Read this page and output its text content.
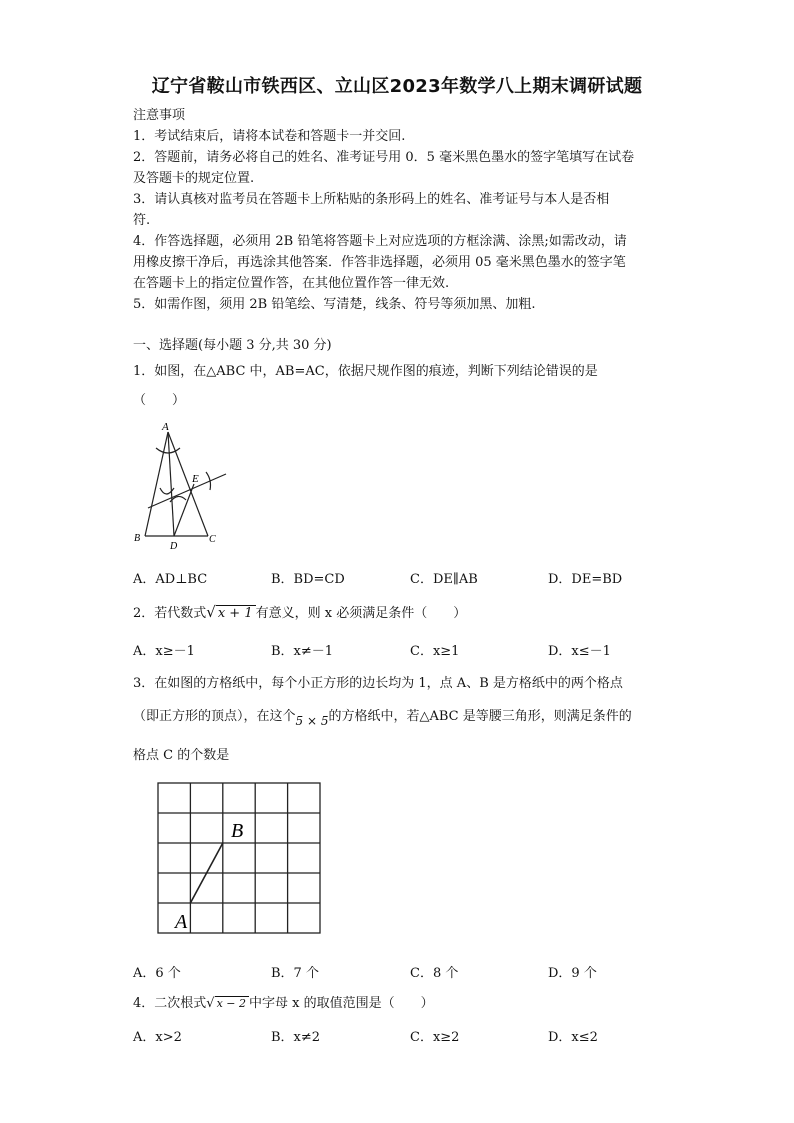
辽宁省鞍山市铁西区、立山区2023年数学八上期末调研试题
注意事项
1．考试结束后，请将本试卷和答题卡一并交回.
2．答题前，请务必将自己的姓名、准考证号用 0．5 毫米黑色墨水的签字笔填写在试卷
及答题卡的规定位置.
3．请认真核对监考员在答题卡上所粘贴的条形码上的姓名、准考证号与本人是否相
符.
4．作答选择题，必须用 2B 铅笔将答题卡上对应选项的方框涂满、涂黑;如需改动，请
用橡皮擦干净后，再选涂其他答案．作答非选择题，必须用 05 毫米黑色墨水的签字笔
在答题卡上的指定位置作答，在其他位置作答一律无效.
5．如需作图，须用 2B 铅笔绘、写清楚，线条、符号等须加黑、加粗.
一、选择题(每小题 3 分,共 30 分)
1．如图，在△ABC 中，AB=AC，依据尺规作图的痕迹，判断下列结论错误的是
（　　）
A
B	C
D
E
A．AD⊥BC	B．BD=CD	C．DE∥AB	D．DE=BD
2．若代数式√ x + 1 有意义，则 x 必须满足条件（　　）
A．x≥－1	B．x≠－1	C．x≥1	D．x≤－1
3．在如图的方格纸中，每个小正方形的边长均为 1，点 A、B 是方格纸中的两个格点
（即正方形的顶点），在这个5 × 5的方格纸中，若△ABC 是等腰三角形，则满足条件的
格点 C 的个数是
B
A
A．6 个	B．7 个	C．8 个	D．9 个
4．二次根式√ x − 2 中字母 x 的取值范围是（　　）
A．x>2	B．x≠2	C．x≥2	D．x≤2
